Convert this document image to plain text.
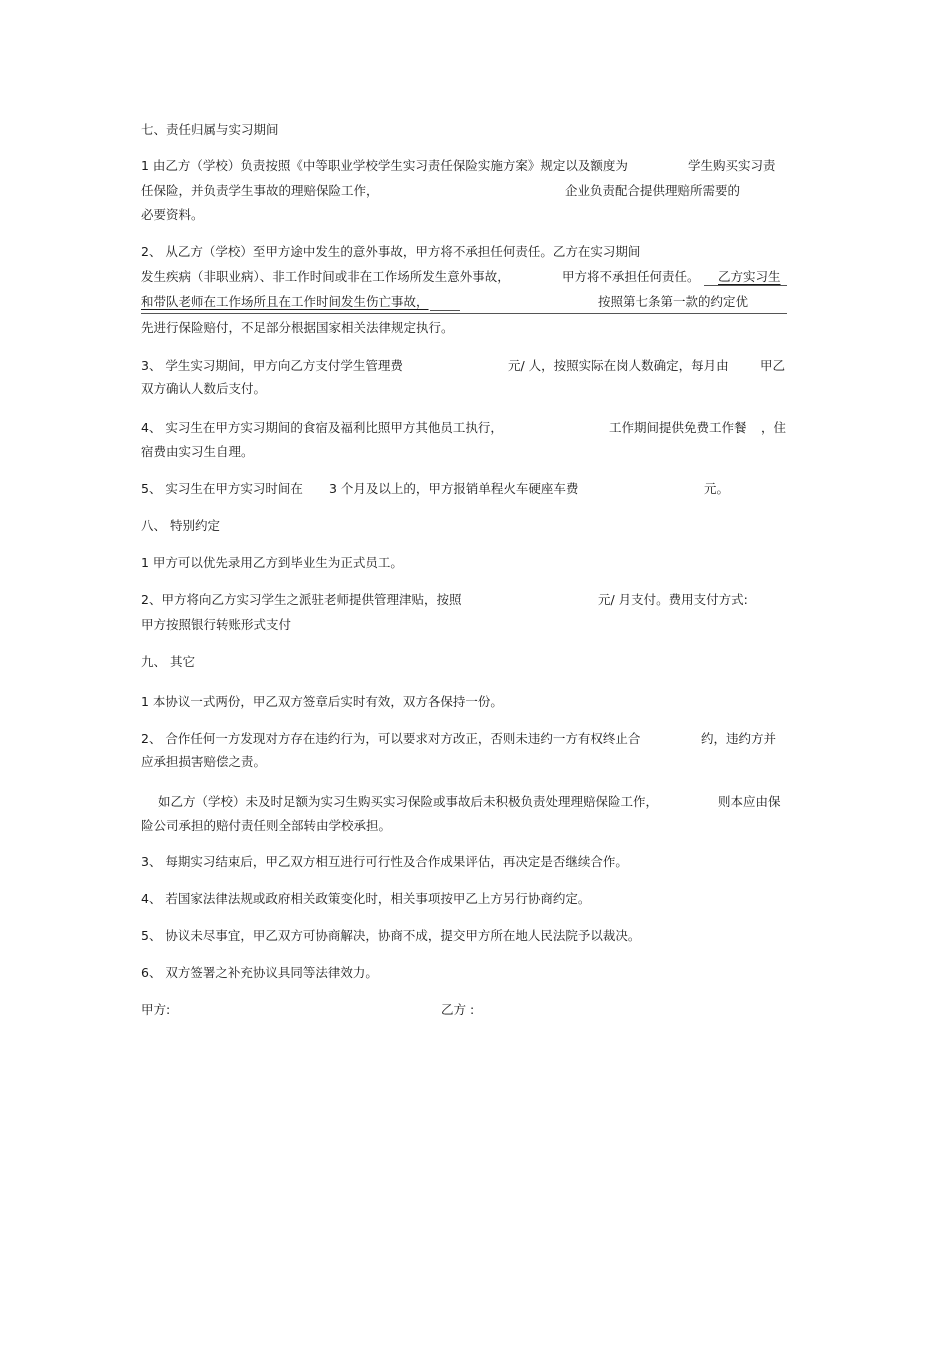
七、责任归属与实习期间
1 由乙方（学校）负责按照《中等职业学校学生实习责任保险实施方案》规定以及额度为	学生购买实习责
任保险，并负责学生事故的理赔保险工作，	企业负责配合提供理赔所需要的
必要资料。
2、 从乙方（学校）至甲方途中发生的意外事故，甲方将不承担任何责任。乙方在实习期间
发生疾病（非职业病）、非工作时间或非在工作场所发生意外事故，	甲方将不承担任何责任。 乙方实习生
和带队老师在工作场所且在工作时间发生伤亡事故，	按照第七条第一款的约定优
先进行保险赔付，不足部分根据国家相关法律规定执行。
3、 学生实习期间，甲方向乙方支付学生管理费	元/ 人，按照实际在岗人数确定，每月由	甲乙
双方确认人数后支付。
4、 实习生在甲方实习期间的食宿及福利比照甲方其他员工执行，	工作期间提供免费工作餐 ，住
宿费由实习生自理。
5、 实习生在甲方实习时间在 3 个月及以上的，甲方报销单程火车硬座车费	元。
八、 特别约定
1 甲方可以优先录用乙方到毕业生为正式员工。
2、甲方将向乙方实习学生之派驻老师提供管理津贴，按照	元/ 月支付。费用支付方式:
甲方按照银行转账形式支付
九、 其它
1 本协议一式两份，甲乙双方签章后实时有效，双方各保持一份。
2、 合作任何一方发现对方存在违约行为，可以要求对方改正，否则未违约一方有权终止合	约，违约方并
应承担损害赔偿之责。
如乙方（学校）未及时足额为实习生购买实习保险或事故后未积极负责处理理赔保险工作，	则本应由保
险公司承担的赔付责任则全部转由学校承担。
3、 每期实习结束后，甲乙双方相互进行可行性及合作成果评估，再决定是否继续合作。
4、 若国家法律法规或政府相关政策变化时，相关事项按甲乙上方另行协商约定。
5、 协议未尽事宜，甲乙双方可协商解决，协商不成，提交甲方所在地人民法院予以裁决。
6、 双方签署之补充协议具同等法律效力。
甲方:	乙方 :
